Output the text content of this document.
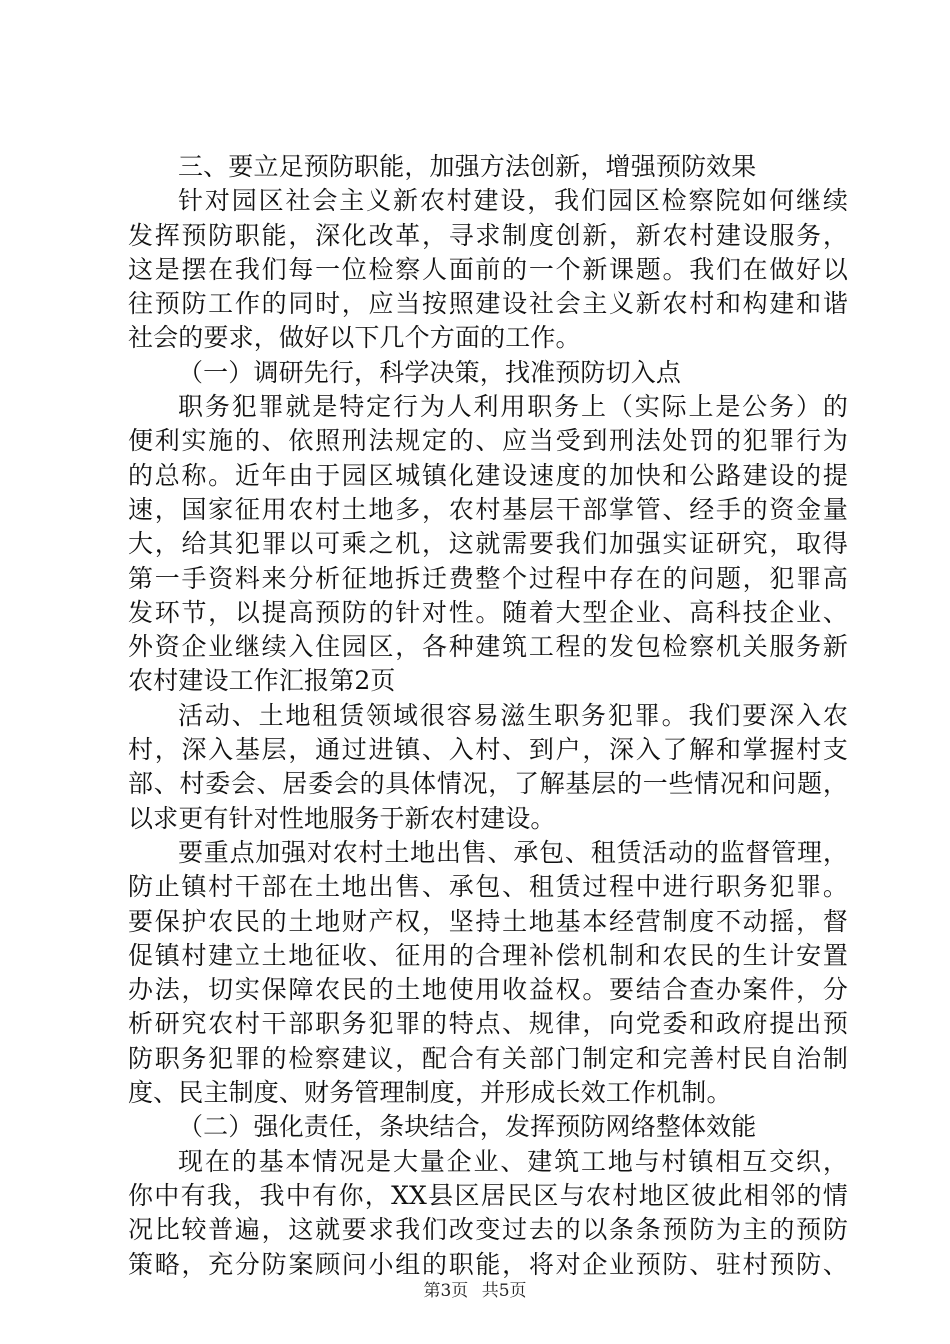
三、要立足预防职能，加强方法创新，增强预防效果
针对园区社会主义新农村建设，我们园区检察院如何继续
发挥预防职能，深化改革，寻求制度创新，新农村建设服务，
这是摆在我们每一位检察人面前的一个新课题。我们在做好以
往预防工作的同时，应当按照建设社会主义新农村和构建和谐
社会的要求，做好以下几个方面的工作。
（一）调研先行，科学决策，找准预防切入点
职务犯罪就是特定行为人利用职务上（实际上是公务）的
便利实施的、依照刑法规定的、应当受到刑法处罚的犯罪行为
的总称。近年由于园区城镇化建设速度的加快和公路建设的提
速，国家征用农村土地多，农村基层干部掌管、经手的资金量
大，给其犯罪以可乘之机，这就需要我们加强实证研究，取得
第一手资料来分析征地拆迁费整个过程中存在的问题，犯罪高
发环节，以提高预防的针对性。随着大型企业、高科技企业、
外资企业继续入住园区，各种建筑工程的发包检察机关服务新
农村建设工作汇报第2页
活动、土地租赁领域很容易滋生职务犯罪。我们要深入农
村，深入基层，通过进镇、入村、到户，深入了解和掌握村支
部、村委会、居委会的具体情况，了解基层的一些情况和问题，
以求更有针对性地服务于新农村建设。
要重点加强对农村土地出售、承包、租赁活动的监督管理，
防止镇村干部在土地出售、承包、租赁过程中进行职务犯罪。
要保护农民的土地财产权，坚持土地基本经营制度不动摇，督
促镇村建立土地征收、征用的合理补偿机制和农民的生计安置
办法，切实保障农民的土地使用收益权。要结合查办案件，分
析研究农村干部职务犯罪的特点、规律，向党委和政府提出预
防职务犯罪的检察建议，配合有关部门制定和完善村民自治制
度、民主制度、财务管理制度，并形成长效工作机制。
（二）强化责任，条块结合，发挥预防网络整体效能
现在的基本情况是大量企业、建筑工地与村镇相互交织，
你中有我，我中有你，XX县区居民区与农村地区彼此相邻的情
况比较普遍，这就要求我们改变过去的以条条预防为主的预防
策略，充分防案顾问小组的职能，将对企业预防、驻村预防、
第3页 共5页
